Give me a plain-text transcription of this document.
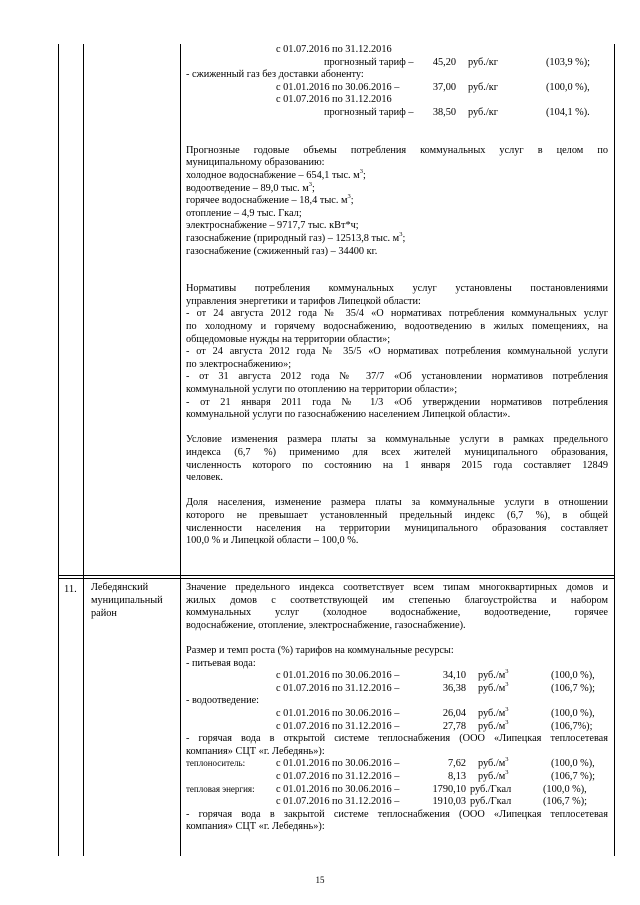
11. Лебедянский муниципальный район
с 01.07.2016 по 31.12.2016
прогнозный тариф –	45,20	руб./кг	(103,9 %);
- сжиженный газ без доставки абоненту:
с 01.01.2016 по 30.06.2016 –	37,00	руб./кг	(100,0 %),
с 01.07.2016 по 31.12.2016
прогнозный тариф –	38,50	руб./кг	(104,1 %).
Прогнозные годовые объемы потребления коммунальных услуг в целом по
муниципальному образованию:
холодное водоснабжение – 654,1 тыс. $м^3$;
водоотведение – 89,0 тыс. $м^3$;
горячее водоснабжение – 18,4 тыс. $м^3$;
отопление – 4,9 тыс. Гкал;
электроснабжение – 9717,7 тыс. кВт*ч;
газоснабжение (природный газ) – 12513,8 тыс. $м^3$;
газоснабжение (сжиженный газ) – 34400 кг.
Нормативы потребления коммунальных услуг установлены постановлениями
управления энергетики и тарифов Липецкой области:
- от 24 августа 2012 года № 35/4 «О нормативах потребления коммунальных услуг
по холодному и горячему водоснабжению, водоотведению в жилых помещениях, на
общедомовые нужды на территории области»;
- от 24 августа 2012 года № 35/5 «О нормативах потребления коммунальной услуги
по электроснабжению»;
- от 31 августа 2012 года № 37/7 «Об установлении нормативов потребления
коммунальной услуги по отоплению на территории области»;
- от 21 января 2011 года № 1/3 «Об утверждении нормативов потребления
коммунальной услуги по газоснабжению населением Липецкой области».
Условие изменения размера платы за коммунальные услуги в рамках предельного
индекса (6,7 %) применимо для всех жителей муниципального образования,
численность которого по состоянию на 1 января 2015 года составляет 12849
человек.
Доля населения, изменение размера платы за коммунальные услуги в отношении
которого не превышает установленный предельный индекс (6,7 %), в общей
численности населения на территории муниципального образования составляет
100,0 % и Липецкой области – 100,0 %.
Значение предельного индекса соответствует всем типам многоквартирных домов и
жилых домов с соответствующей им степенью благоустройства и набором
коммунальных услуг (холодное водоснабжение, водоотведение, горячее
водоснабжение, отопление, электроснабжение, газоснабжение).
Размер и темп роста (%) тарифов на коммунальные ресурсы:
- питьевая вода:
с 01.01.2016 по 30.06.2016 –	34,10	$руб./м^3$	(100,0 %),
с 01.07.2016 по 31.12.2016 –	36,38	$руб./м^3$	(106,7 %);
- водоотведение:
с 01.01.2016 по 30.06.2016 –	26,04	$руб./м^3$	(100,0 %),
с 01.07.2016 по 31.12.2016 –	27,78	$руб./м^3$	(106,7%);
- горячая вода в открытой системе теплоснабжения (ООО «Липецкая теплосетевая
компания» СЦТ «г. Лебедянь»):
теплоноситель:	с 01.01.2016 по 30.06.2016 –	7,62	$руб./м^3$	(100,0 %),
с 01.07.2016 по 31.12.2016 –	8,13	$руб./м^3$	(106,7 %);
тепловая энергия:	с 01.01.2016 по 30.06.2016 –	1790,10 руб./Гкал	(100,0 %),
с 01.07.2016 по 31.12.2016 –	1910,03 руб./Гкал	(106,7 %);
- горячая вода в закрытой системе теплоснабжения (ООО «Липецкая теплосетевая
компания» СЦТ «г. Лебедянь»):
15
